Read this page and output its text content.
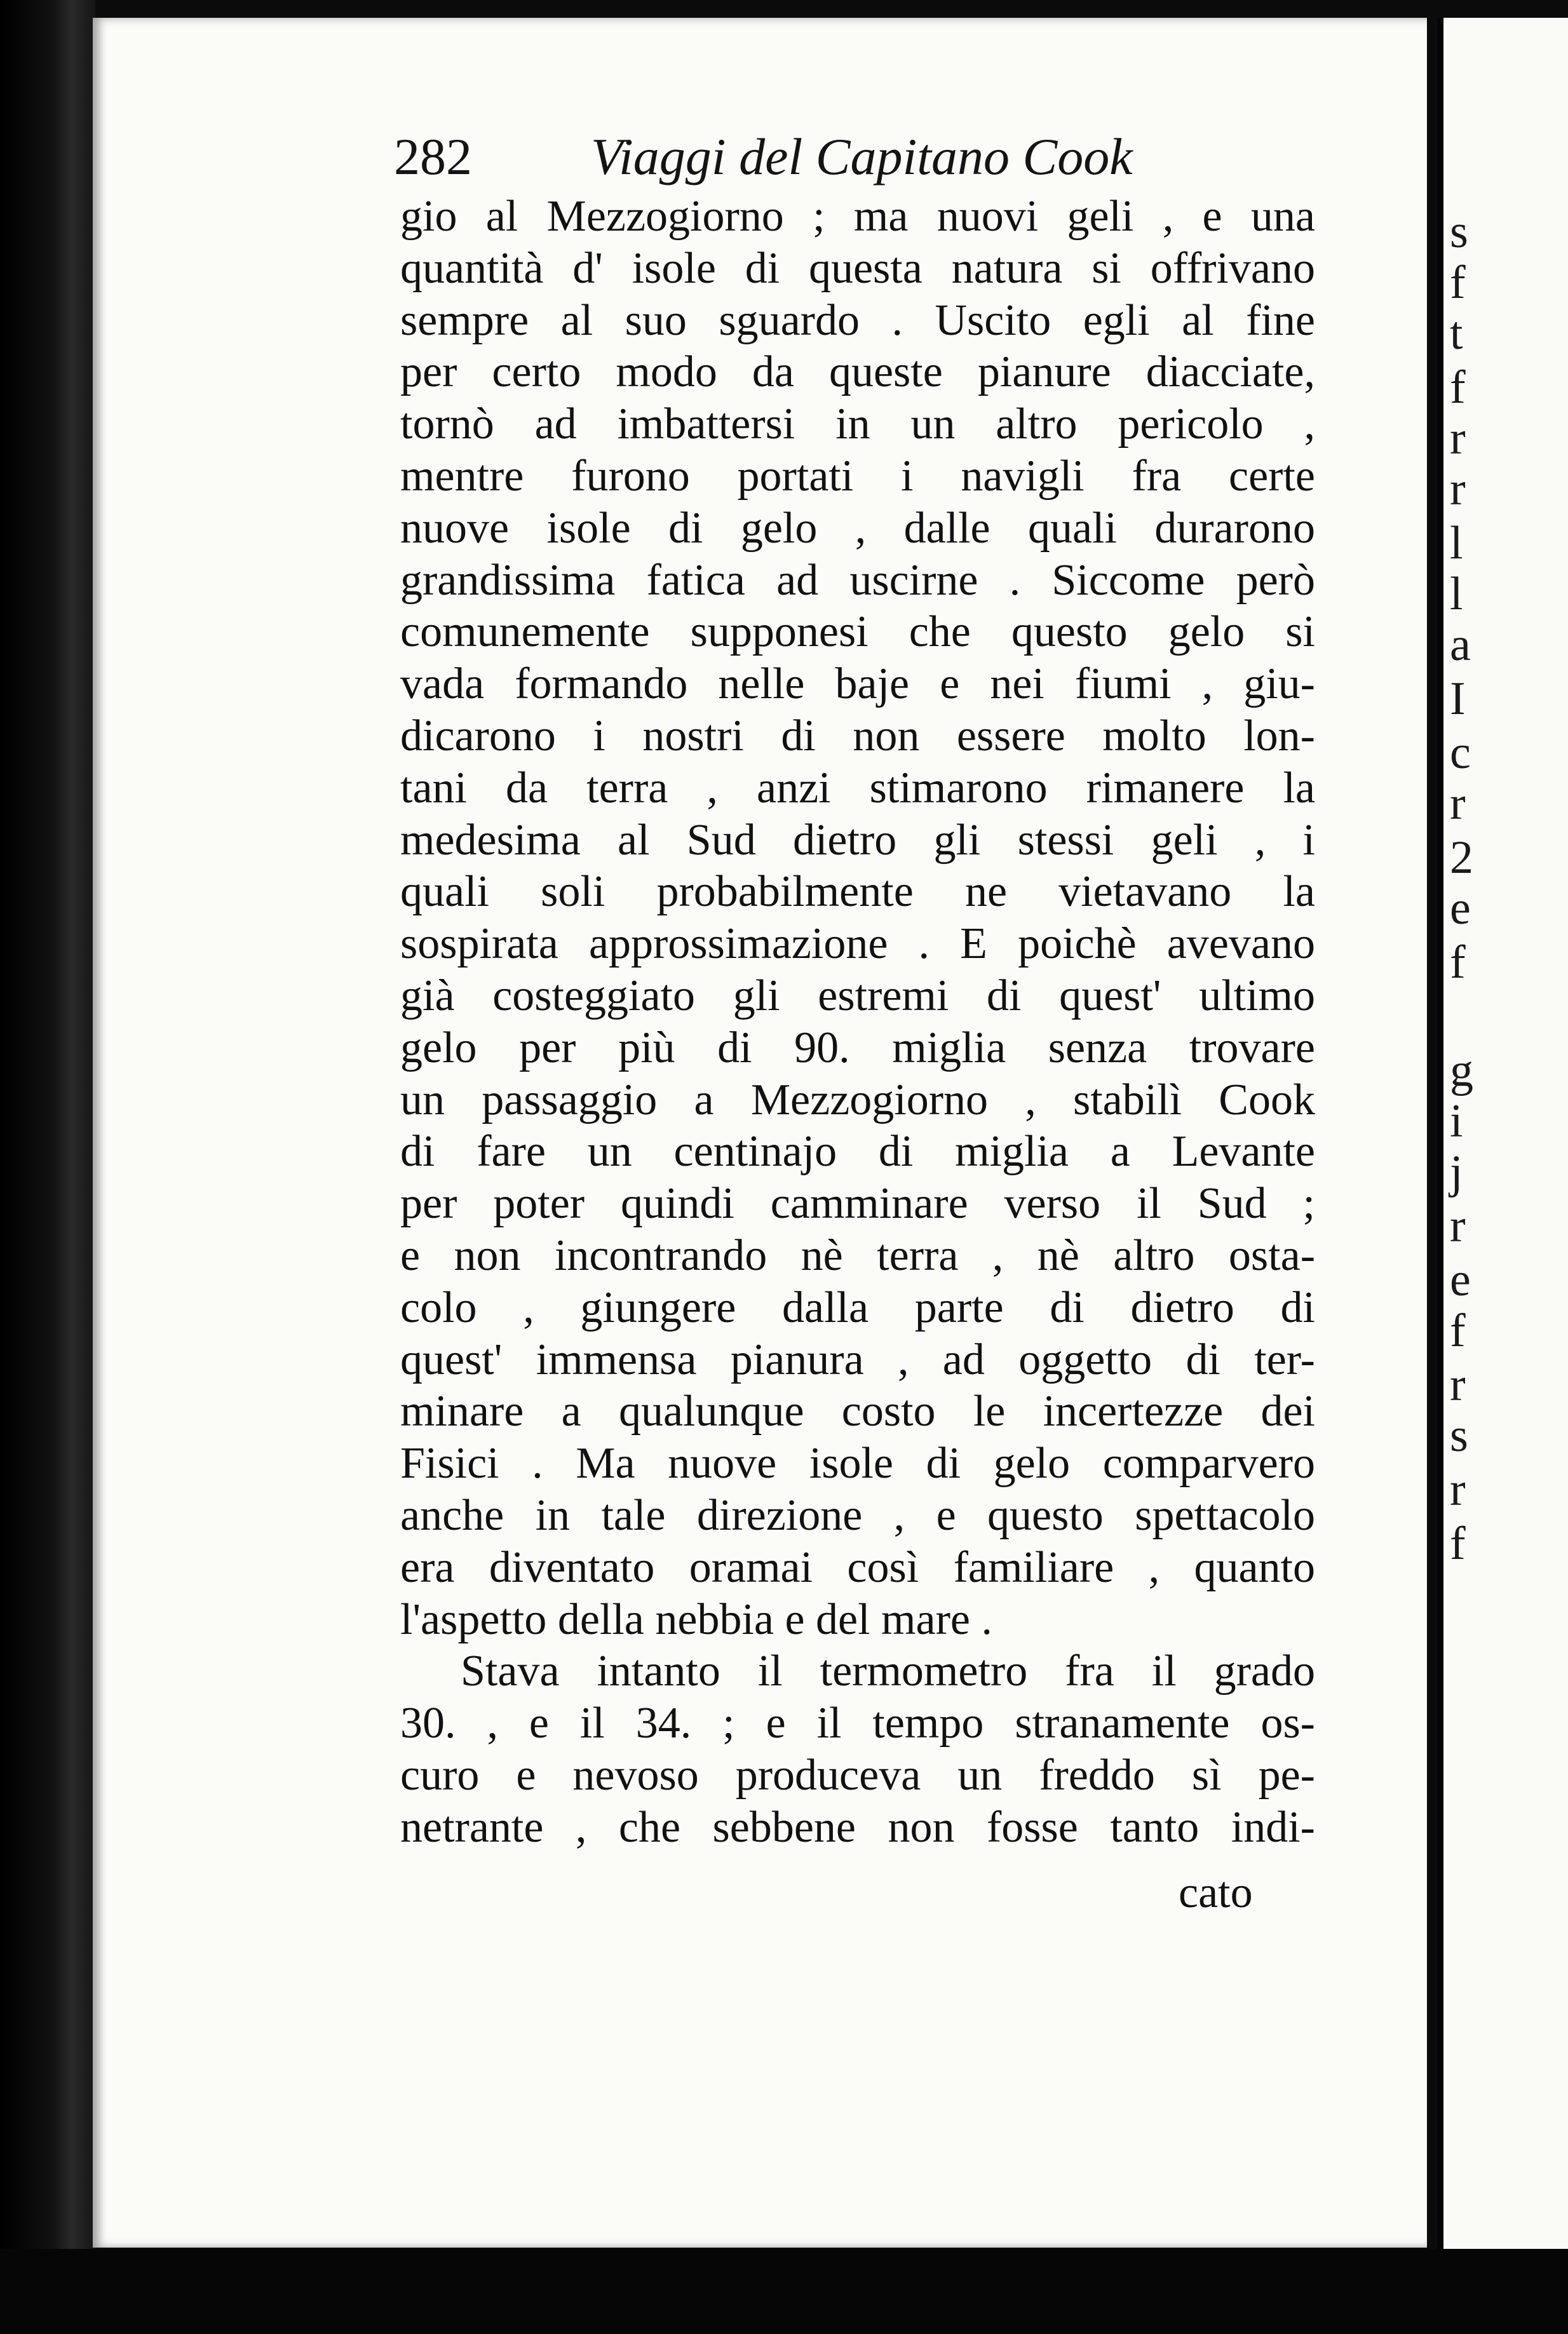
s
f
t
f
r
r
l
l
a
I
c
r
2
e
f
g
i
j
r
e
f
r
s
r
f
282 Viaggi del Capitano Cook
gio al Mezzogiorno ; ma nuovi geli , e una
quantità d' isole di questa natura si offrivano
sempre al suo sguardo . Uscito egli al fine
per certo modo da queste pianure diacciate,
tornò ad imbattersi in un altro pericolo ,
mentre furono portati i navigli fra certe
nuove isole di gelo , dalle quali durarono
grandissima fatica ad uscirne . Siccome però
comunemente supponesi che questo gelo si
vada formando nelle baje e nei fiumi , giu-
dicarono i nostri di non essere molto lon-
tani da terra , anzi stimarono rimanere la
medesima al Sud dietro gli stessi geli , i
quali soli probabilmente ne vietavano la
sospirata approssimazione . E poichè avevano
già costeggiato gli estremi di quest' ultimo
gelo per più di 90. miglia senza trovare
un passaggio a Mezzogiorno , stabilì Cook
di fare un centinajo di miglia a Levante
per poter quindi camminare verso il Sud ;
e non incontrando nè terra , nè altro osta-
colo , giungere dalla parte di dietro di
quest' immensa pianura , ad oggetto di ter-
minare a qualunque costo le incertezze dei
Fisici . Ma nuove isole di gelo comparvero
anche in tale direzione , e questo spettacolo
era diventato oramai così familiare , quanto
l'aspetto della nebbia e del mare .
Stava intanto il termometro fra il grado
30. , e il 34. ; e il tempo stranamente os-
curo e nevoso produceva un freddo sì pe-
netrante , che sebbene non fosse tanto indi-
cato
